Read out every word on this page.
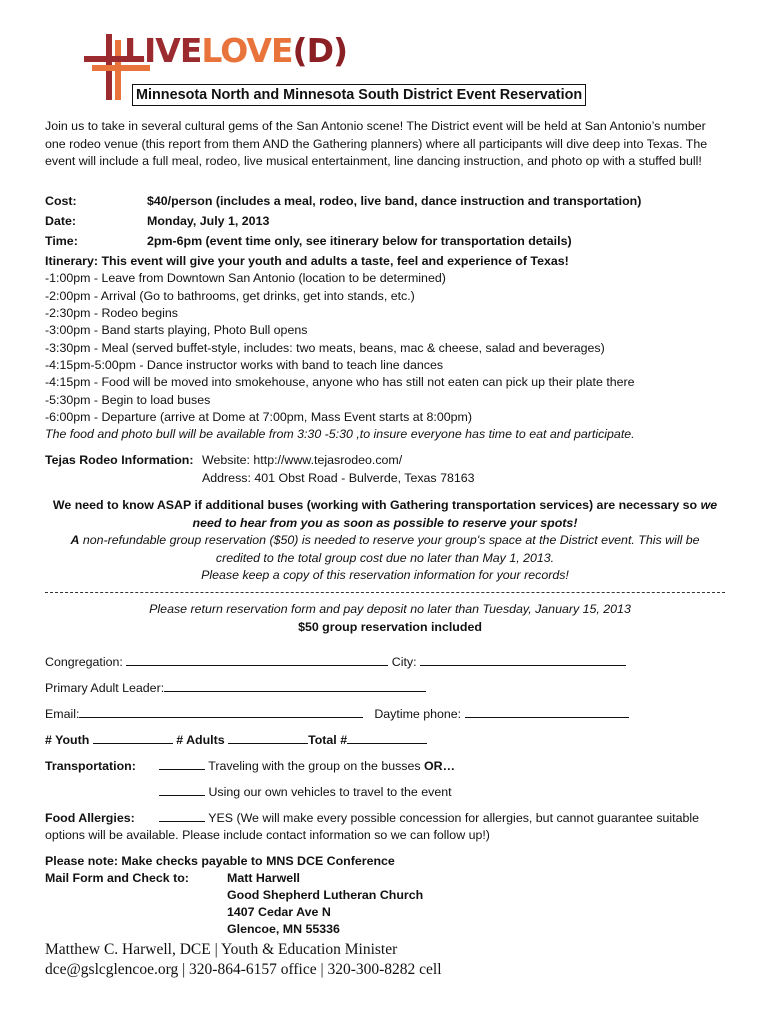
LIVELOVE(D)
Minnesota North and Minnesota South District Event Reservation
Join us to take in several cultural gems of the San Antonio scene! The District event will be held at San Antonio’s number one rodeo venue (this report from them AND the Gathering planners) where all participants will dive deep into Texas. The event will include a full meal, rodeo, live musical entertainment, line dancing instruction, and photo op with a stuffed bull!
Cost:	$40/person (includes a meal, rodeo, live band, dance instruction and transportation)
Date:	Monday, July 1, 2013
Time:	2pm-6pm (event time only, see itinerary below for transportation details)
Itinerary: This event will give your youth and adults a taste, feel and experience of Texas!
-1:00pm - Leave from Downtown San Antonio (location to be determined)
-2:00pm - Arrival (Go to bathrooms, get drinks, get into stands, etc.)
-2:30pm - Rodeo begins
-3:00pm - Band starts playing, Photo Bull opens
-3:30pm - Meal (served buffet-style, includes: two meats, beans, mac & cheese, salad and beverages)
-4:15pm-5:00pm - Dance instructor works with band to teach line dances
-4:15pm - Food will be moved into smokehouse, anyone who has still not eaten can pick up their plate there
-5:30pm - Begin to load buses
-6:00pm - Departure (arrive at Dome at 7:00pm, Mass Event starts at 8:00pm)
The food and photo bull will be available from 3:30 -5:30 ,to insure everyone has time to eat and participate.
Tejas Rodeo Information: Website: http://www.tejasrodeo.com/
Address: 401 Obst Road - Bulverde, Texas 78163
We need to know ASAP if additional buses (working with Gathering transportation services) are necessary so we
need to hear from you as soon as possible to reserve your spots!
A non-refundable group reservation ($50) is needed to reserve your group's space at the District event. This will be
credited to the total group cost due no later than May 1, 2013.
Please keep a copy of this reservation information for your records!
Please return reservation form and pay deposit no later than Tuesday, January 15, 2013
$50 group reservation included
Congregation:	City:
Primary Adult Leader:
Email:	Daytime phone:
# Youth	# Adults	Total #
Transportation:	Traveling with the group on the busses OR…
Using our own vehicles to travel to the event
Food Allergies:	YES (We will make every possible concession for allergies, but cannot guarantee suitable
options will be available. Please include contact information so we can follow up!)
Please note: Make checks payable to MNS DCE Conference
Mail Form and Check to:	Matt Harwell
Good Shepherd Lutheran Church
1407 Cedar Ave N
Glencoe, MN 55336
Matthew C. Harwell, DCE | Youth & Education Minister
dce@gslcglencoe.org | 320-864-6157 office | 320-300-8282 cell
